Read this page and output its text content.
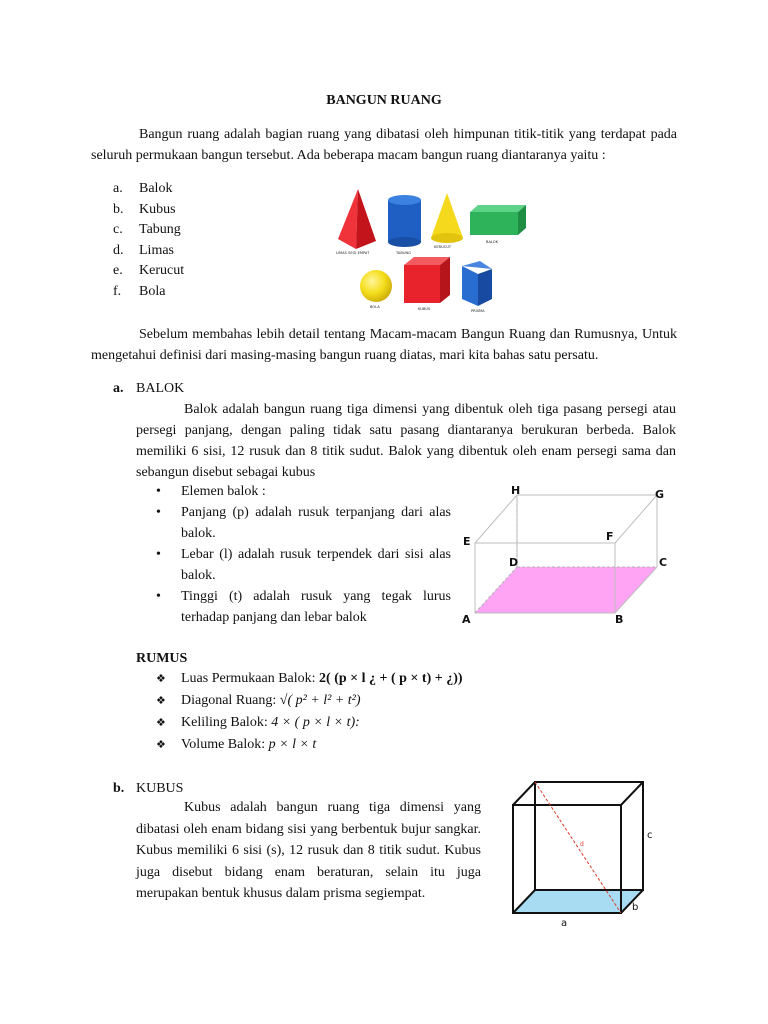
BANGUN RUANG
Bangun ruang adalah bagian ruang yang dibatasi oleh himpunan titik-titik yang terdapat pada seluruh permukaan bangun tersebut. Ada beberapa macam bangun ruang diantaranya yaitu :
a. Balok
b. Kubus
c. Tabung
d. Limas
e. Kerucut
f. Bola
LIMAS SEGI EMPAT	TABUNG
KERUCUT
BALOK
BOLA	KUBUS	PRISMA
Sebelum membahas lebih detail tentang Macam-macam Bangun Ruang dan Rumusnya, Untuk mengetahui definisi dari masing-masing bangun ruang diatas, mari kita bahas satu persatu.
a. BALOK
Balok adalah bangun ruang tiga dimensi yang dibentuk oleh tiga pasang persegi atau persegi panjang, dengan paling tidak satu pasang diantaranya berukuran berbeda. Balok memiliki 6 sisi, 12 rusuk dan 8 titik sudut. Balok yang dibentuk oleh enam persegi sama dan sebangun disebut sebagai kubus
• Elemen balok :
• Panjang (p) adalah rusuk terpanjang dari alas balok.
• Lebar (l) adalah rusuk terpendek dari sisi alas balok.
• Tinggi (t) adalah rusuk yang tegak lurus terhadap panjang dan lebar balok	A	B
C
D
E	F
G
H
RUMUS
❖ Luas Permukaan Balok: 2( (p × l ¿ + ( p × t) + ¿))
❖ Diagonal Ruang: √( p² + l² + t²)
❖ Keliling Balok: 4 × ( p × l × t):
❖ Volume Balok: p × l × t
b. KUBUS
Kubus adalah bangun ruang tiga dimensi yang dibatasi oleh enam bidang sisi yang berbentuk bujur sangkar. Kubus memiliki 6 sisi (s), 12 rusuk dan 8 titik sudut. Kubus juga disebut bidang enam beraturan, selain itu juga merupakan bentuk khusus dalam prisma segiempat.
a
b
c
d
